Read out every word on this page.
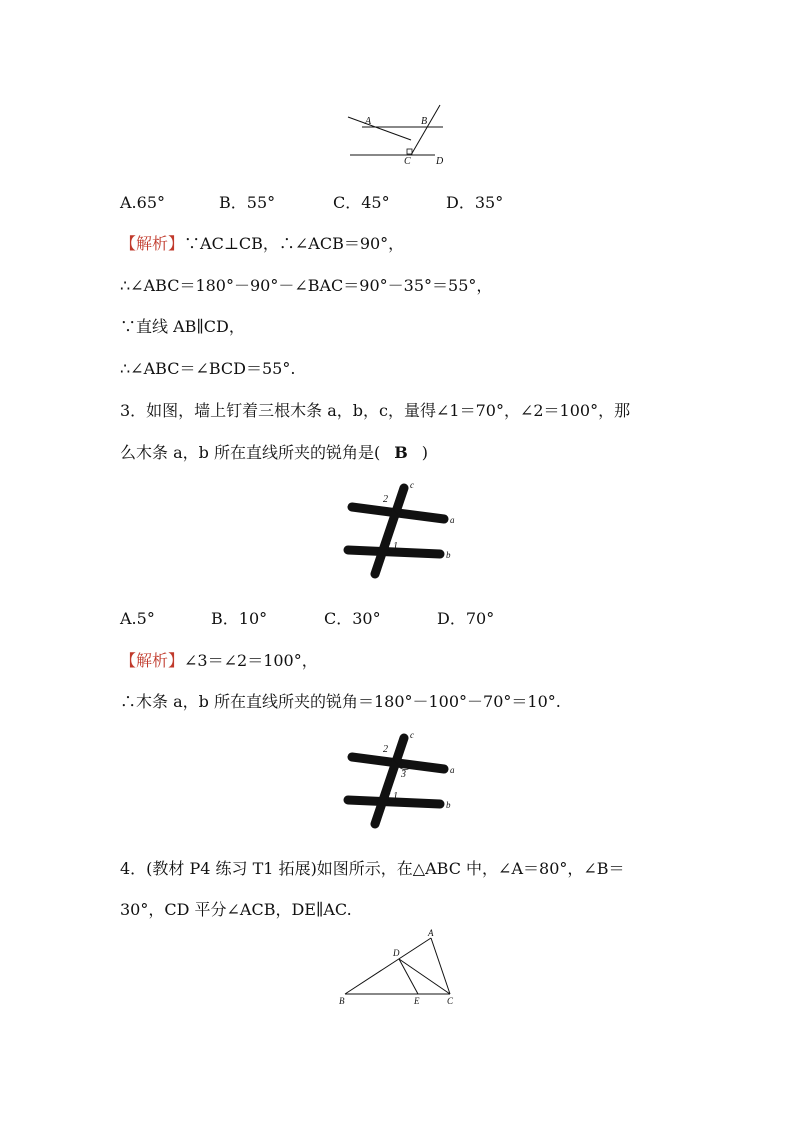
A	B
C	D
A.65°	B．55°	C．45°	D．35°
【解析】∵AC⊥CB，∴∠ACB＝90°，
∴∠ABC＝180°－90°－∠BAC＝90°－35°＝55°，
∵直线 AB∥CD，
∴∠ABC＝∠BCD＝55°.
3．如图，墙上钉着三根木条 a，b，c，量得∠1＝70°，∠2＝100°，那
么木条 a，b 所在直线所夹的锐角是( B )
c
a
b
2
1
A.5°	B．10°	C．30°	D．70°
【解析】∠3＝∠2＝100°，
∴木条 a，b 所在直线所夹的锐角＝180°－100°－70°＝10°.
c
a
b
2
3
1
4．(教材 P4 练习 T1 拓展)如图所示，在△ABC 中，∠A＝80°，∠B＝
30°，CD 平分∠ACB，DE∥AC.
A
D
B	E	C
